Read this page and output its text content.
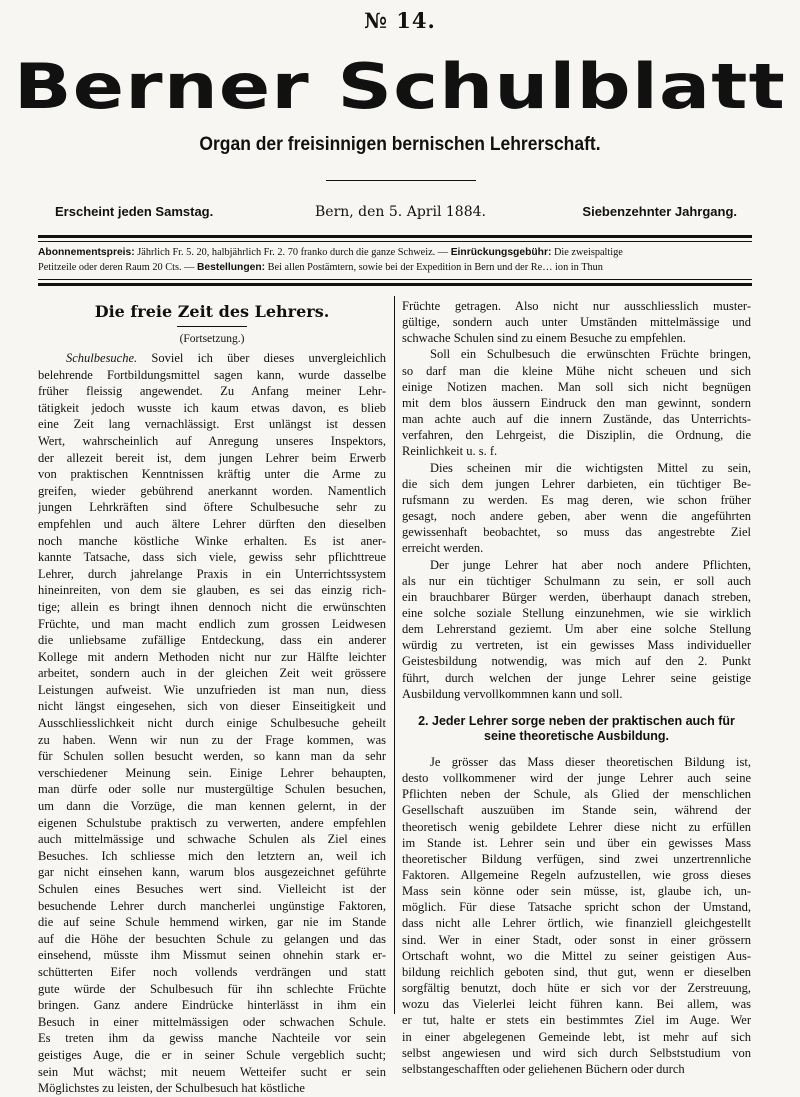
№ 14.
Berner Schulblatt
Organ der freisinnigen bernischen Lehrerschaft.
Erscheint jeden Samstag.	Bern, den 5. April 1884.	Siebenzehnter Jahrgang.
Abonnementspreis: Jährlich Fr. 5. 20, halbjährlich Fr. 2. 70 franko durch die ganze Schweiz. — Einrückungsgebühr: Die zweispaltige
Petitzeile oder deren Raum 20 Cts. — Bestellungen: Bei allen Postämtern, sowie bei der Expedition in Bern und der Re… ion in Thun
Die freie Zeit des Lehrers.
(Fortsetzung.)
Schulbesuche. Soviel ich über dieses unvergleichlich
belehrende Fortbildungsmittel sagen kann, wurde dasselbe
früher fleissig angewendet. Zu Anfang meiner Lehr-
tätigkeit jedoch wusste ich kaum etwas davon, es blieb
eine Zeit lang vernachlässigt. Erst unlängst ist dessen
Wert, wahrscheinlich auf Anregung unseres Inspektors,
der allezeit bereit ist, dem jungen Lehrer beim Erwerb
von praktischen Kenntnissen kräftig unter die Arme zu
greifen, wieder gebührend anerkannt worden. Namentlich
jungen Lehrkräften sind öftere Schulbesuche sehr zu
empfehlen und auch ältere Lehrer dürften den dieselben
noch manche köstliche Winke erhalten. Es ist aner-
kannte Tatsache, dass sich viele, gewiss sehr pflichttreue
Lehrer, durch jahrelange Praxis in ein Unterrichtssystem
hineinreiten, von dem sie glauben, es sei das einzig rich-
tige; allein es bringt ihnen dennoch nicht die erwünschten
Früchte, und man macht endlich zum grossen Leidwesen
die unliebsame zufällige Entdeckung, dass ein anderer
Kollege mit andern Methoden nicht nur zur Hälfte leichter
arbeitet, sondern auch in der gleichen Zeit weit grössere
Leistungen aufweist. Wie unzufrieden ist man nun, diess
nicht längst eingesehen, sich von dieser Einseitigkeit und
Ausschliesslichkeit nicht durch einige Schulbesuche geheilt
zu haben. Wenn wir nun zu der Frage kommen, was
für Schulen sollen besucht werden, so kann man da sehr
verschiedener Meinung sein. Einige Lehrer behaupten,
man dürfe oder solle nur mustergültige Schulen besuchen,
um dann die Vorzüge, die man kennen gelernt, in der
eigenen Schulstube praktisch zu verwerten, andere empfehlen
auch mittelmässige und schwache Schulen als Ziel eines
Besuches. Ich schliesse mich den letztern an, weil ich
gar nicht einsehen kann, warum blos ausgezeichnet geführte
Schulen eines Besuches wert sind. Vielleicht ist der
besuchende Lehrer durch mancherlei ungünstige Faktoren,
die auf seine Schule hemmend wirken, gar nie im Stande
auf die Höhe der besuchten Schule zu gelangen und das
einsehend, müsste ihm Missmut seinen ohnehin stark er-
schütterten Eifer noch vollends verdrängen und statt
gute würde der Schulbesuch für ihn schlechte Früchte
bringen. Ganz andere Eindrücke hinterlässt in ihm ein
Besuch in einer mittelmässigen oder schwachen Schule.
Es treten ihm da gewiss manche Nachteile vor sein
geistiges Auge, die er in seiner Schule vergeblich sucht;
sein Mut wächst; mit neuem Wetteifer sucht er sein
Möglichstes zu leisten, der Schulbesuch hat köstliche
Früchte getragen. Also nicht nur ausschliesslich muster-
gültige, sondern auch unter Umständen mittelmässige und
schwache Schulen sind zu einem Besuche zu empfehlen.
Soll ein Schulbesuch die erwünschten Früchte bringen,
so darf man die kleine Mühe nicht scheuen und sich
einige Notizen machen. Man soll sich nicht begnügen
mit dem blos äussern Eindruck den man gewinnt, sondern
man achte auch auf die innern Zustände, das Unterrichts-
verfahren, den Lehrgeist, die Disziplin, die Ordnung, die
Reinlichkeit u. s. f.
Dies scheinen mir die wichtigsten Mittel zu sein,
die sich dem jungen Lehrer darbieten, ein tüchtiger Be-
rufsmann zu werden. Es mag deren, wie schon früher
gesagt, noch andere geben, aber wenn die angeführten
gewissenhaft beobachtet, so muss das angestrebte Ziel
erreicht werden.
Der junge Lehrer hat aber noch andere Pflichten,
als nur ein tüchtiger Schulmann zu sein, er soll auch
ein brauchbarer Bürger werden, überhaupt danach streben,
eine solche soziale Stellung einzunehmen, wie sie wirklich
dem Lehrerstand geziemt. Um aber eine solche Stellung
würdig zu vertreten, ist ein gewisses Mass individueller
Geistesbildung notwendig, was mich auf den 2. Punkt
führt, durch welchen der junge Lehrer seine geistige
Ausbildung vervollkommnen kann und soll.
2. Jeder Lehrer sorge neben der praktischen auch für
seine theoretische Ausbildung.
Je grösser das Mass dieser theoretischen Bildung ist,
desto vollkommener wird der junge Lehrer auch seine
Pflichten neben der Schule, als Glied der menschlichen
Gesellschaft auszuüben im Stande sein, während der
theoretisch wenig gebildete Lehrer diese nicht zu erfüllen
im Stande ist. Lehrer sein und über ein gewisses Mass
theoretischer Bildung verfügen, sind zwei unzertrennliche
Faktoren. Allgemeine Regeln aufzustellen, wie gross dieses
Mass sein könne oder sein müsse, ist, glaube ich, un-
möglich. Für diese Tatsache spricht schon der Umstand,
dass nicht alle Lehrer örtlich, wie finanziell gleichgestellt
sind. Wer in einer Stadt, oder sonst in einer grössern
Ortschaft wohnt, wo die Mittel zu seiner geistigen Aus-
bildung reichlich geboten sind, thut gut, wenn er dieselben
sorgfältig benutzt, doch hüte er sich vor der Zerstreuung,
wozu das Vielerlei leicht führen kann. Bei allem, was
er tut, halte er stets ein bestimmtes Ziel im Auge. Wer
in einer abgelegenen Gemeinde lebt, ist mehr auf sich
selbst angewiesen und wird sich durch Selbststudium von
selbstangeschafften oder geliehenen Büchern oder durch
